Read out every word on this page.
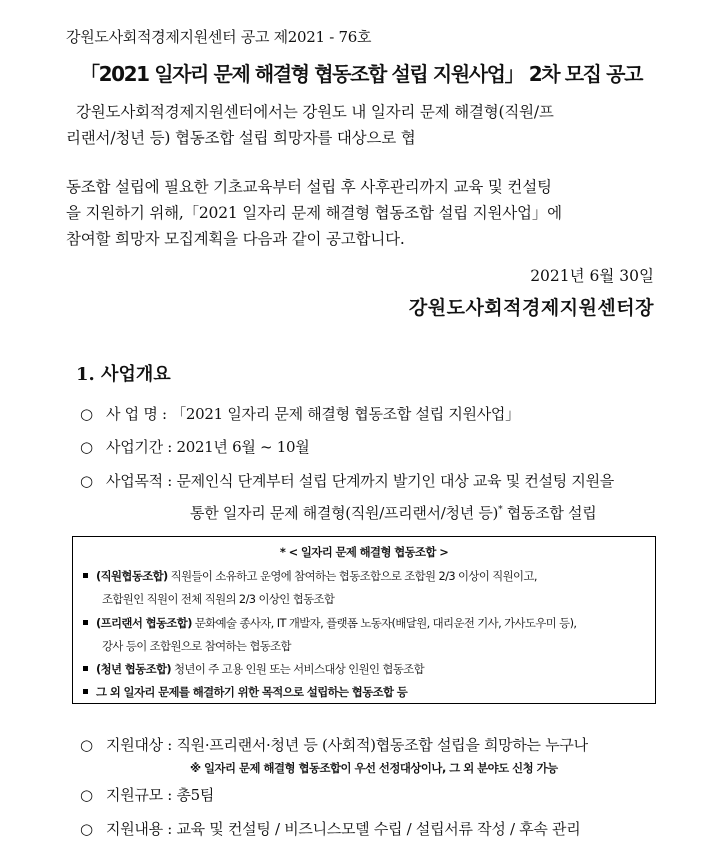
강원도사회적경제지원센터 공고 제2021 - 76호
「2021 일자리 문제 해결형 협동조합 설립 지원사업」 2차 모집 공고
강원도사회적경제지원센터에서는 강원도 내 일자리 문제 해결형(직원/프
리랜서/청년 등) 협동조합 설립 희망자를 대상으로 협
동조합 설립에 필요한 기초교육부터 설립 후 사후관리까지 교육 및 컨설팅
을 지원하기 위해,「2021 일자리 문제 해결형 협동조합 설립 지원사업」에
참여할 희망자 모집계획을 다음과 같이 공고합니다.
2021년 6월 30일
강원도사회적경제지원센터장
1. 사업개요
○ 사 업 명 : 「2021 일자리 문제 해결형 협동조합 설립 지원사업」
○ 사업기간 : 2021년 6월 ~ 10월
○ 사업목적 : 문제인식 단계부터 설립 단계까지 발기인 대상 교육 및 컨설팅 지원을
통한 일자리 문제 해결형(직원/프리랜서/청년 등)* 협동조합 설립
* < 일자리 문제 해결형 협동조합 >
(직원협동조합) 직원들이 소유하고 운영에 참여하는 협동조합으로 조합원 2/3 이상이 직원이고,
조합원인 직원이 전체 직원의 2/3 이상인 협동조합
(프리랜서 협동조합) 문화예술 종사자, IT 개발자, 플랫폼 노동자(배달원, 대리운전 기사, 가사도우미 등),
강사 등이 조합원으로 참여하는 협동조합
(청년 협동조합) 청년이 주 고용 인원 또는 서비스대상 인원인 협동조합
그 외 일자리 문제를 해결하기 위한 목적으로 설립하는 협동조합 등
○ 지원대상 : 직원·프리랜서·청년 등 (사회적)협동조합 설립을 희망하는 누구나
※ 일자리 문제 해결형 협동조합이 우선 선정대상이나, 그 외 분야도 신청 가능
○ 지원규모 : 총5팀
○ 지원내용 : 교육 및 컨설팅 / 비즈니스모델 수립 / 설립서류 작성 / 후속 관리
